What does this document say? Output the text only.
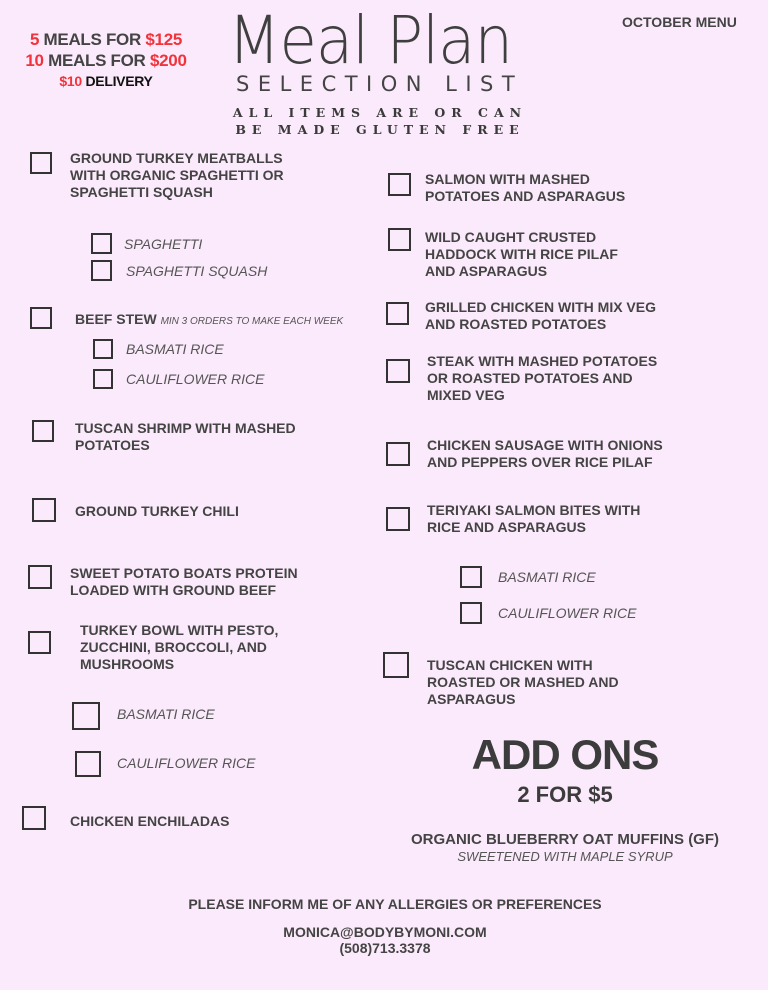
5 MEALS FOR $125
10 MEALS FOR $200
$10 DELIVERY
Meal Plan
SELECTION LIST
ALL ITEMS ARE OR CAN
BE MADE GLUTEN FREE
OCTOBER MENU
GROUND TURKEY MEATBALLS WITH ORGANIC SPAGHETTI OR SPAGHETTI SQUASH
SPAGHETTI
SPAGHETTI SQUASH
BEEF STEW MIN 3 ORDERS TO MAKE EACH WEEK
BASMATI RICE
CAULIFLOWER RICE
TUSCAN SHRIMP WITH MASHED POTATOES
GROUND TURKEY CHILI
SWEET POTATO BOATS PROTEIN LOADED WITH GROUND BEEF
TURKEY BOWL WITH PESTO, ZUCCHINI, BROCCOLI, AND MUSHROOMS
BASMATI RICE
CAULIFLOWER RICE
CHICKEN ENCHILADAS
SALMON WITH MASHED POTATOES AND ASPARAGUS
WILD CAUGHT CRUSTED HADDOCK WITH RICE PILAF AND ASPARAGUS
GRILLED CHICKEN WITH MIX VEG AND ROASTED POTATOES
STEAK WITH MASHED POTATOES OR ROASTED POTATOES AND MIXED VEG
CHICKEN SAUSAGE WITH ONIONS AND PEPPERS OVER RICE PILAF
TERIYAKI SALMON BITES WITH RICE AND ASPARAGUS
BASMATI RICE
CAULIFLOWER RICE
TUSCAN CHICKEN WITH ROASTED OR MASHED AND ASPARAGUS
ADD ONS
2 FOR $5
ORGANIC BLUEBERRY OAT MUFFINS (GF)
SWEETENED WITH MAPLE SYRUP
PLEASE INFORM ME OF ANY ALLERGIES OR PREFERENCES
MONICA@BODYBYMONI.COM
(508)713.3378
